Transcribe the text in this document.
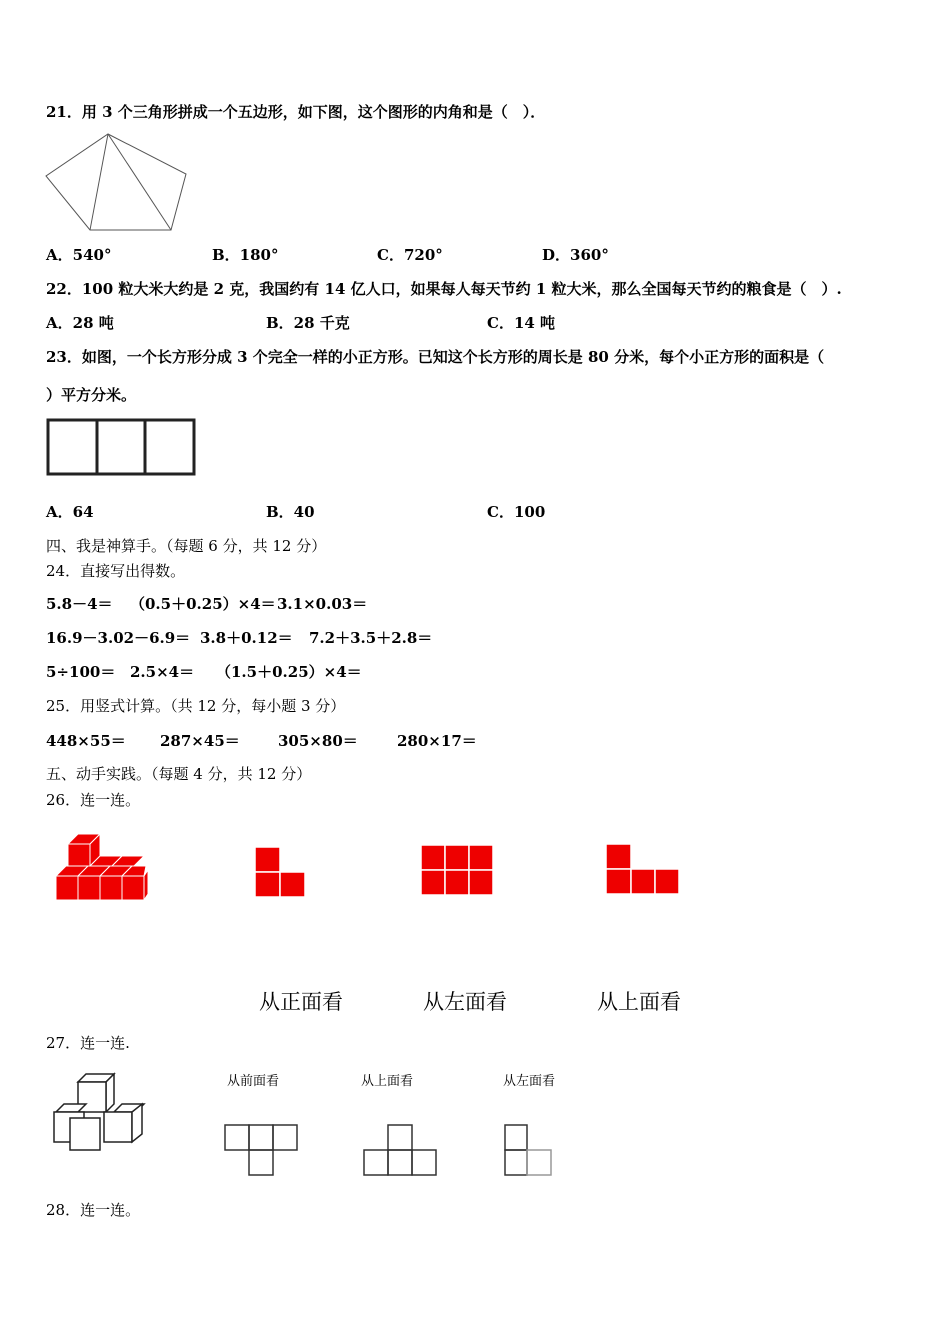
21．用 3 个三角形拼成一个五边形，如下图，这个图形的内角和是（　）．
A．540°	B．180°	C．720°	D．360°
22．100 粒大米大约是 2 克，我国约有 14 亿人口，如果每人每天节约 1 粒大米，那么全国每天节约的粮食是（　）.
A．28 吨	B．28 千克	C．14 吨
23．如图，一个长方形分成 3 个完全一样的小正方形。已知这个长方形的周长是 80 分米，每个小正方形的面积是（
）平方分米。
A．64	B．40	C．100
四、我是神算手。（每题 6 分，共 12 分）
24．直接写出得数。
5.8－4＝ （0.5＋0.25）×4＝ 3.1×0.03＝
16.9－3.02－6.9＝ 3.8＋0.12＝ 7.2＋3.5＋2.8＝
5÷100＝ 2.5×4＝ （1.5＋0.25）×4＝
25．用竖式计算。（共 12 分，每小题 3 分）
448×55＝ 287×45＝	305×80＝	280×17＝
五、动手实践。（每题 4 分，共 12 分）
26．连一连。
从正面看	从左面看	从上面看
27．连一连.
从前面看	从上面看	从左面看
28．连一连。
